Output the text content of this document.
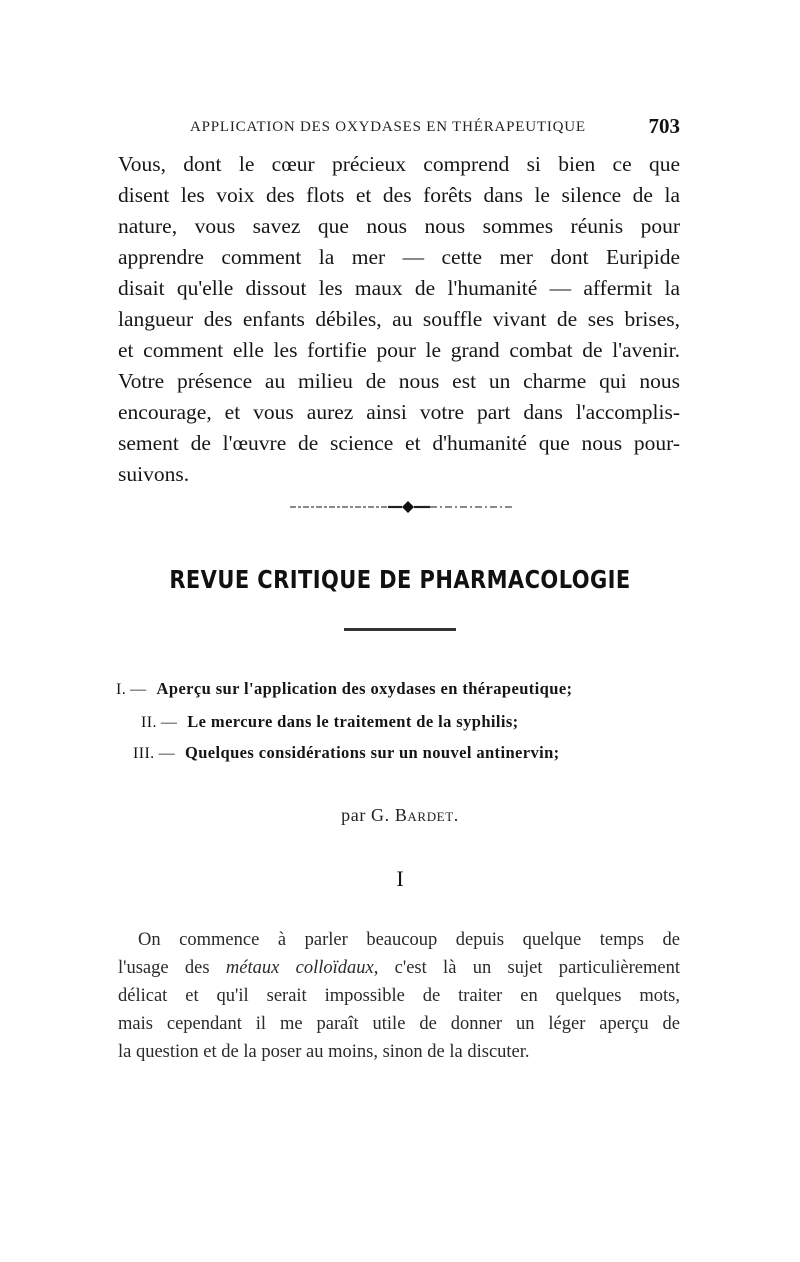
APPLICATION DES OXYDASES EN THÉRAPEUTIQUE	703
Vous, dont le cœur précieux comprend si bien ce que
disent les voix des flots et des forêts dans le silence de la
nature, vous savez que nous nous sommes réunis pour
apprendre comment la mer — cette mer dont Euripide
disait qu'elle dissout les maux de l'humanité — affermit la
langueur des enfants débiles, au souffle vivant de ses brises,
et comment elle les fortifie pour le grand combat de l'avenir.
Votre présence au milieu de nous est un charme qui nous
encourage, et vous aurez ainsi votre part dans l'accomplis-
sement de l'œuvre de science et d'humanité que nous pour-
suivons.
REVUE CRITIQUE DE PHARMACOLOGIE
I. — Aperçu sur l'application des oxydases en thérapeutique;
II. — Le mercure dans le traitement de la syphilis;
III. — Quelques considérations sur un nouvel antinervin;
par G. Bardet.
I
On commence à parler beaucoup depuis quelque temps de
l'usage des métaux colloïdaux, c'est là un sujet particulièrement
délicat et qu'il serait impossible de traiter en quelques mots,
mais cependant il me paraît utile de donner un léger aperçu de
la question et de la poser au moins, sinon de la discuter.
